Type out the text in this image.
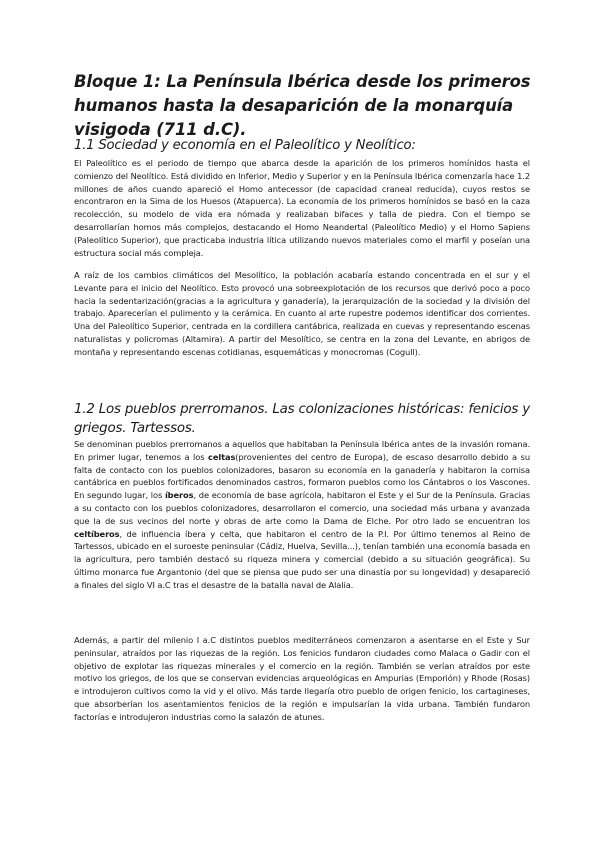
Bloque 1: La Península Ibérica desde los primeros humanos hasta la desaparición de la monarquía visigoda (711 d.C).
1.1 Sociedad y economía en el Paleolítico y Neolítico:

El Paleolítico es el periodo de tiempo que abarca desde la aparición de los primeros homínidos hasta el comienzo del Neolítico. Está dividido en Inferior, Medio y Superior y en la Península Ibérica comenzaría hace 1.2 millones de años cuando apareció el Homo antecessor (de capacidad craneal reducida), cuyos restos se encontraron en la Sima de los Huesos (Atapuerca). La economía de los primeros homínidos se basó en la caza recolección, su modelo de vida era nómada y realizaban bifaces y talla de piedra. Con el tiempo se desarrollarían homos más complejos, destacando el Homo Neandertal (Paleolítico Medio) y el Homo Sapiens (Paleolítico Superior), que practicaba industria lítica utilizando nuevos materiales como el marfil y poseían una estructura social más compleja.

A raíz de los cambios climáticos del Mesolítico, la población acabaría estando concentrada en el sur y el Levante para el inicio del Neolítico. Esto provocó una sobreexplotación de los recursos que derivó poco a poco hacia la sedentarización(gracias a la agricultura y ganadería), la jerarquización de la sociedad y la división del trabajo. Aparecerían el pulimento y la cerámica. En cuanto al arte rupestre podemos identificar dos corrientes. Una del Paleolítico Superior, centrada en la cordillera cantábrica, realizada en cuevas y representando escenas naturalistas y policromas (Altamira). A partir del Mesolítico, se centra en la zona del Levante, en abrigos de montaña y representando escenas cotidianas, esquemáticas y monocromas (Cogull).

1.2 Los pueblos prerromanos. Las colonizaciones históricas: fenicios y griegos. Tartessos.

Se denominan pueblos prerromanos a aquellos que habitaban la Península Ibérica antes de la invasión romana. En primer lugar, tenemos a los celtas(provenientes del centro de Europa), de escaso desarrollo debido a su falta de contacto con los pueblos colonizadores, basaron su economía en la ganadería y habitaron la cornisa cantábrica en pueblos fortificados denominados castros, formaron pueblos como los Cántabros o los Vascones. En segundo lugar, los íberos, de economía de base agrícola, habitaron el Este y el Sur de la Península. Gracias a su contacto con los pueblos colonizadores, desarrollaron el comercio, una sociedad más urbana y avanzada que la de sus vecinos del norte y obras de arte como la Dama de Elche. Por otro lado se encuentran los celtíberos, de influencia íbera y celta, que habitaron el centro de la P.I. Por último tenemos al Reino de Tartessos, ubicado en el suroeste peninsular (Cádiz, Huelva, Sevilla...), tenían también una economía basada en la agricultura, pero también destacó su riqueza minera y comercial (debido a su situación geográfica). Su último monarca fue Argantonio (del que se piensa que pudo ser una dinastía por su longevidad) y desapareció a finales del siglo VI a.C tras el desastre de la batalla naval de Alalia.

Además, a partir del milenio I a.C distintos pueblos mediterráneos comenzaron a asentarse en el Este y Sur peninsular, atraídos por las riquezas de la región. Los fenicios fundaron ciudades como Malaca o Gadir con el objetivo de explotar las riquezas minerales y el comercio en la región. También se verían atraídos por este motivo los griegos, de los que se conservan evidencias arqueológicas en Ampurias (Emporión) y Rhode (Rosas) e introdujeron cultivos como la vid y el olivo. Más tarde llegaría otro pueblo de origen fenicio, los cartagineses, que absorberían los asentamientos fenicios de la región e impulsarían la vida urbana. También fundaron factorías e introdujeron industrias como la salazón de atunes.
